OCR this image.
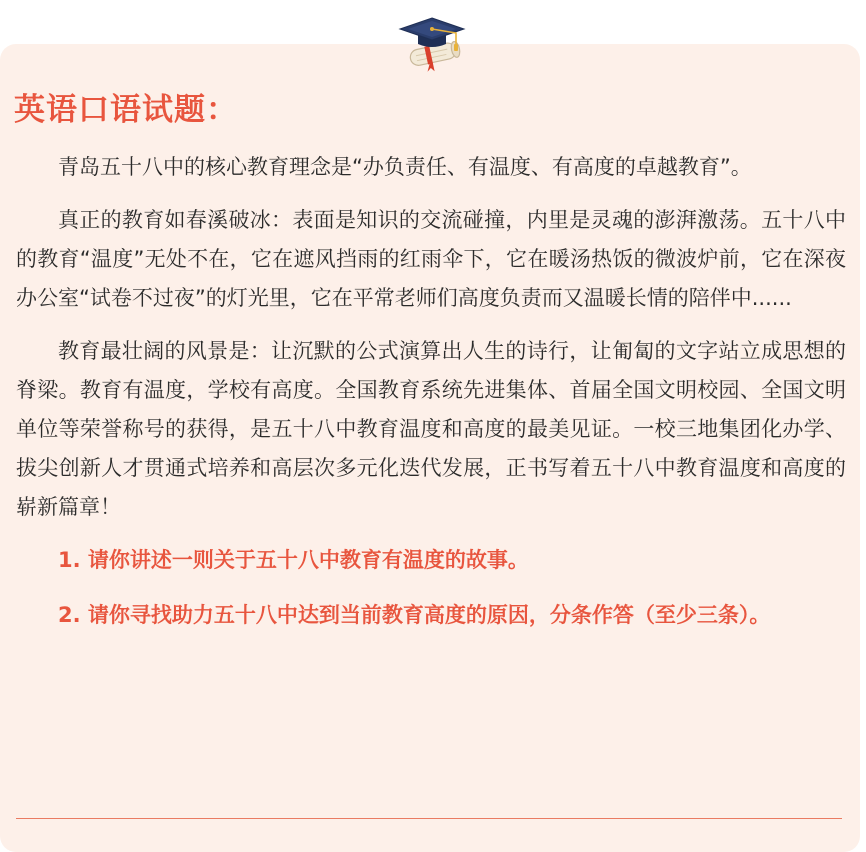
英语口语试题：

青岛五十八中的核心教育理念是“办负责任、有温度、有高度的卓越教育”。

真正的教育如春溪破冰：表面是知识的交流碰撞，内里是灵魂的澎湃激荡。五十八中的教育“温度”无处不在，它在遮风挡雨的红雨伞下，它在暖汤热饭的微波炉前，它在深夜办公室“试卷不过夜”的灯光里，它在平常老师们高度负责而又温暖长情的陪伴中......

教育最壮阔的风景是：让沉默的公式演算出人生的诗行，让匍匐的文字站立成思想的脊梁。教育有温度，学校有高度。全国教育系统先进集体、首届全国文明校园、全国文明单位等荣誉称号的获得，是五十八中教育温度和高度的最美见证。一校三地集团化办学、拔尖创新人才贯通式培养和高层次多元化迭代发展，正书写着五十八中教育温度和高度的崭新篇章！

1. 请你讲述一则关于五十八中教育有温度的故事。

2. 请你寻找助力五十八中达到当前教育高度的原因，分条作答（至少三条）。
